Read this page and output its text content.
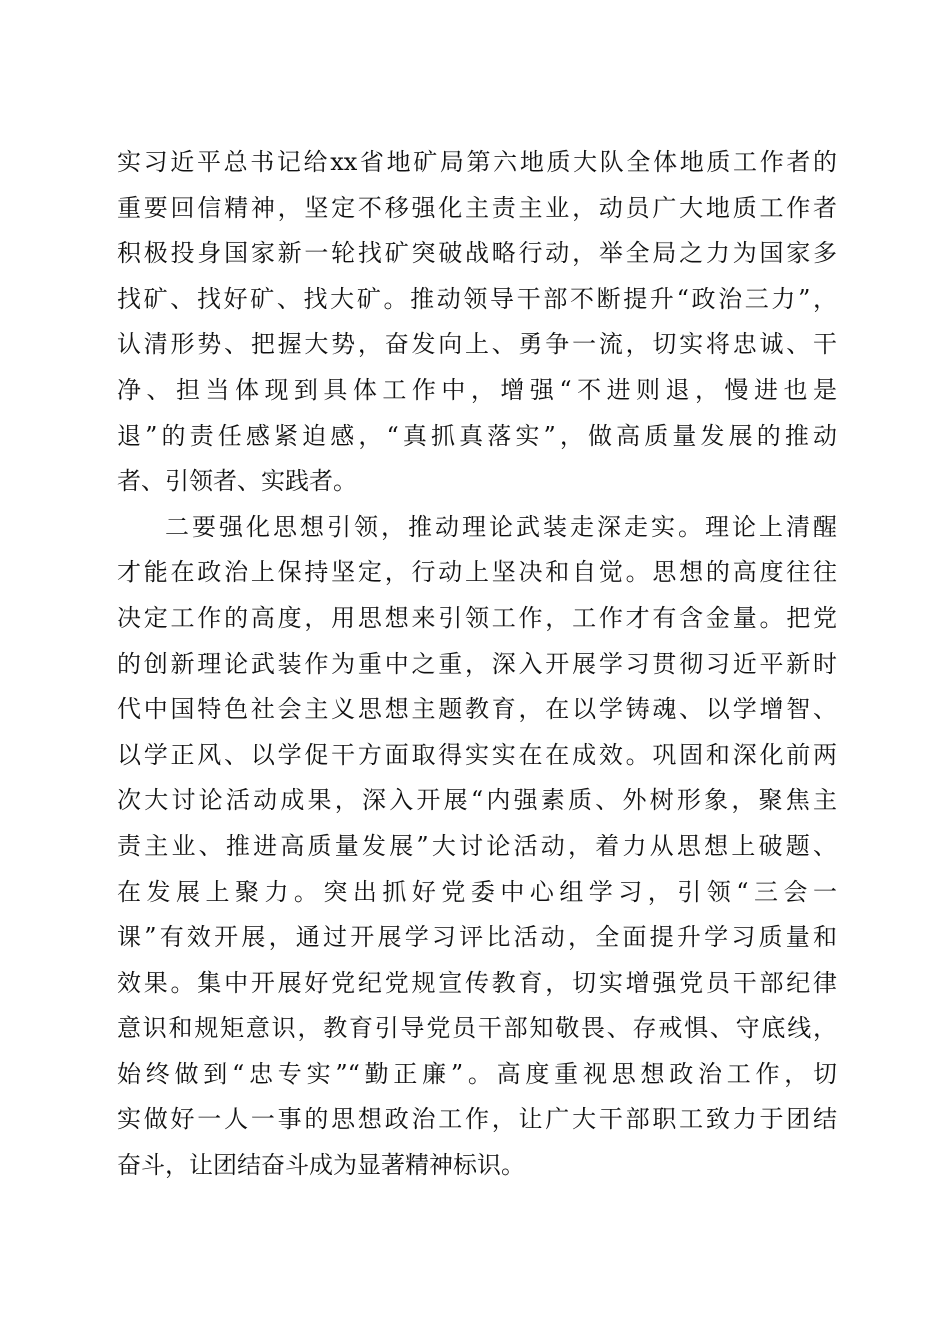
实习近平总书记给xx省地矿局第六地质大队全体地质工作者的
重要回信精神，坚定不移强化主责主业，动员广大地质工作者
积极投身国家新一轮找矿突破战略行动，举全局之力为国家多
找矿、找好矿、找大矿。推动领导干部不断提升“政治三力”，
认清形势、把握大势，奋发向上、勇争一流，切实将忠诚、干
净、担当体现到具体工作中，增强“不进则退，慢进也是
退”的责任感紧迫感，“真抓真落实”，做高质量发展的推动
者、引领者、实践者。
二要强化思想引领，推动理论武装走深走实。理论上清醒
才能在政治上保持坚定，行动上坚决和自觉。思想的高度往往
决定工作的高度，用思想来引领工作，工作才有含金量。把党
的创新理论武装作为重中之重，深入开展学习贯彻习近平新时
代中国特色社会主义思想主题教育，在以学铸魂、以学增智、
以学正风、以学促干方面取得实实在在成效。巩固和深化前两
次大讨论活动成果，深入开展“内强素质、外树形象，聚焦主
责主业、推进高质量发展”大讨论活动，着力从思想上破题、
在发展上聚力。突出抓好党委中心组学习，引领“三会一
课”有效开展，通过开展学习评比活动，全面提升学习质量和
效果。集中开展好党纪党规宣传教育，切实增强党员干部纪律
意识和规矩意识，教育引导党员干部知敬畏、存戒惧、守底线，
始终做到“忠专实”“勤正廉”。高度重视思想政治工作，切
实做好一人一事的思想政治工作，让广大干部职工致力于团结
奋斗，让团结奋斗成为显著精神标识。
